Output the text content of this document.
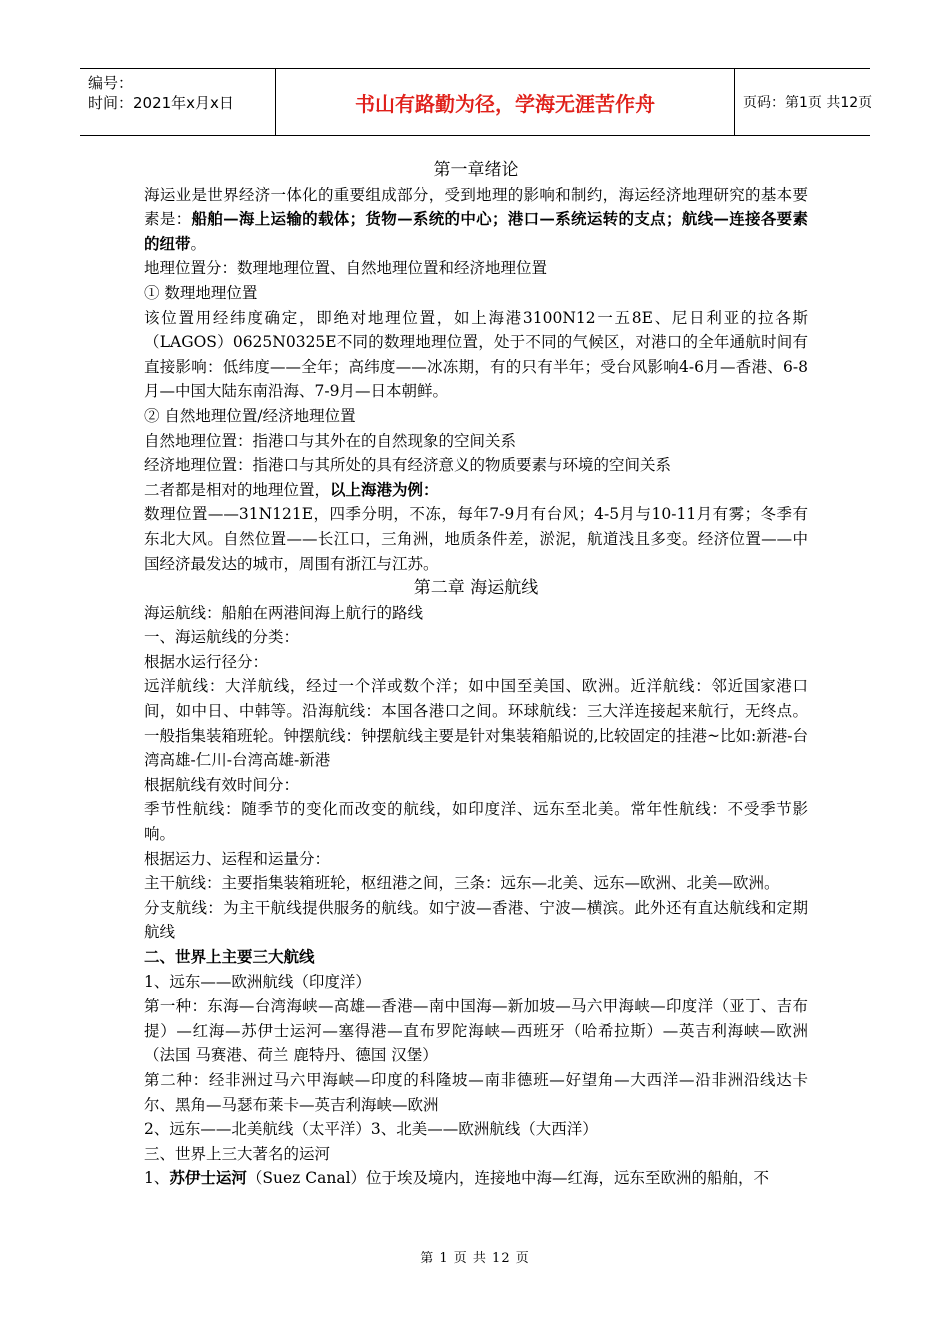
编号：
时间：2021年x月x日	书山有路勤为径，学海无涯苦作舟	页码：第1页 共12页

第一章绪论

海运业是世界经济一体化的重要组成部分，受到地理的影响和制约，海运经济地理研究的基本要素是：船舶—海上运输的载体；货物—系统的中心；港口—系统运转的支点；航线—连接各要素的纽带。

地理位置分：数理地理位置、自然地理位置和经济地理位置

① 数理地理位置

该位置用经纬度确定，即绝对地理位置，如上海港3100N12一五8E、尼日利亚的拉各斯（LAGOS）0625N0325E不同的数理地理位置，处于不同的气候区，对港口的全年通航时间有直接影响：低纬度——全年；高纬度——冰冻期，有的只有半年；受台风影响4-6月—香港、6-8月—中国大陆东南沿海、7-9月—日本朝鲜。

② 自然地理位置/经济地理位置

自然地理位置：指港口与其外在的自然现象的空间关系

经济地理位置：指港口与其所处的具有经济意义的物质要素与环境的空间关系

二者都是相对的地理位置，以上海港为例：

数理位置——31N121E，四季分明，不冻，每年7-9月有台风；4-5月与10-11月有雾；冬季有东北大风。自然位置——长江口，三角洲，地质条件差，淤泥，航道浅且多变。经济位置——中国经济最发达的城市，周围有浙江与江苏。

第二章 海运航线

海运航线：船舶在两港间海上航行的路线

一、海运航线的分类：

根据水运行径分：

远洋航线：大洋航线，经过一个洋或数个洋；如中国至美国、欧洲。近洋航线：邻近国家港口间，如中日、中韩等。沿海航线：本国各港口之间。环球航线：三大洋连接起来航行，无终点。一般指集装箱班轮。钟摆航线：钟摆航线主要是针对集装箱船说的,比较固定的挂港~比如:新港-台湾高雄-仁川-台湾高雄-新港

根据航线有效时间分：

季节性航线：随季节的变化而改变的航线，如印度洋、远东至北美。常年性航线：不受季节影响。

根据运力、运程和运量分：

主干航线：主要指集装箱班轮，枢纽港之间，三条：远东—北美、远东—欧洲、北美—欧洲。

分支航线：为主干航线提供服务的航线。如宁波—香港、宁波—横滨。此外还有直达航线和定期航线

二、世界上主要三大航线

1、远东——欧洲航线（印度洋）

第一种：东海—台湾海峡—高雄—香港—南中国海—新加坡—马六甲海峡—印度洋（亚丁、吉布提）—红海—苏伊士运河—塞得港—直布罗陀海峡—西班牙（哈希拉斯）—英吉利海峡—欧洲（法国 马赛港、荷兰 鹿特丹、德国 汉堡）

第二种：经非洲过马六甲海峡—印度的科隆坡—南非德班—好望角—大西洋—沿非洲沿线达卡尔、黑角—马瑟布莱卡—英吉利海峡—欧洲

2、远东——北美航线（太平洋）3、北美——欧洲航线（大西洋）

三、世界上三大著名的运河

1、苏伊士运河（Suez Canal）位于埃及境内，连接地中海—红海，远东至欧洲的船舶，不

第 1 页 共 12 页
